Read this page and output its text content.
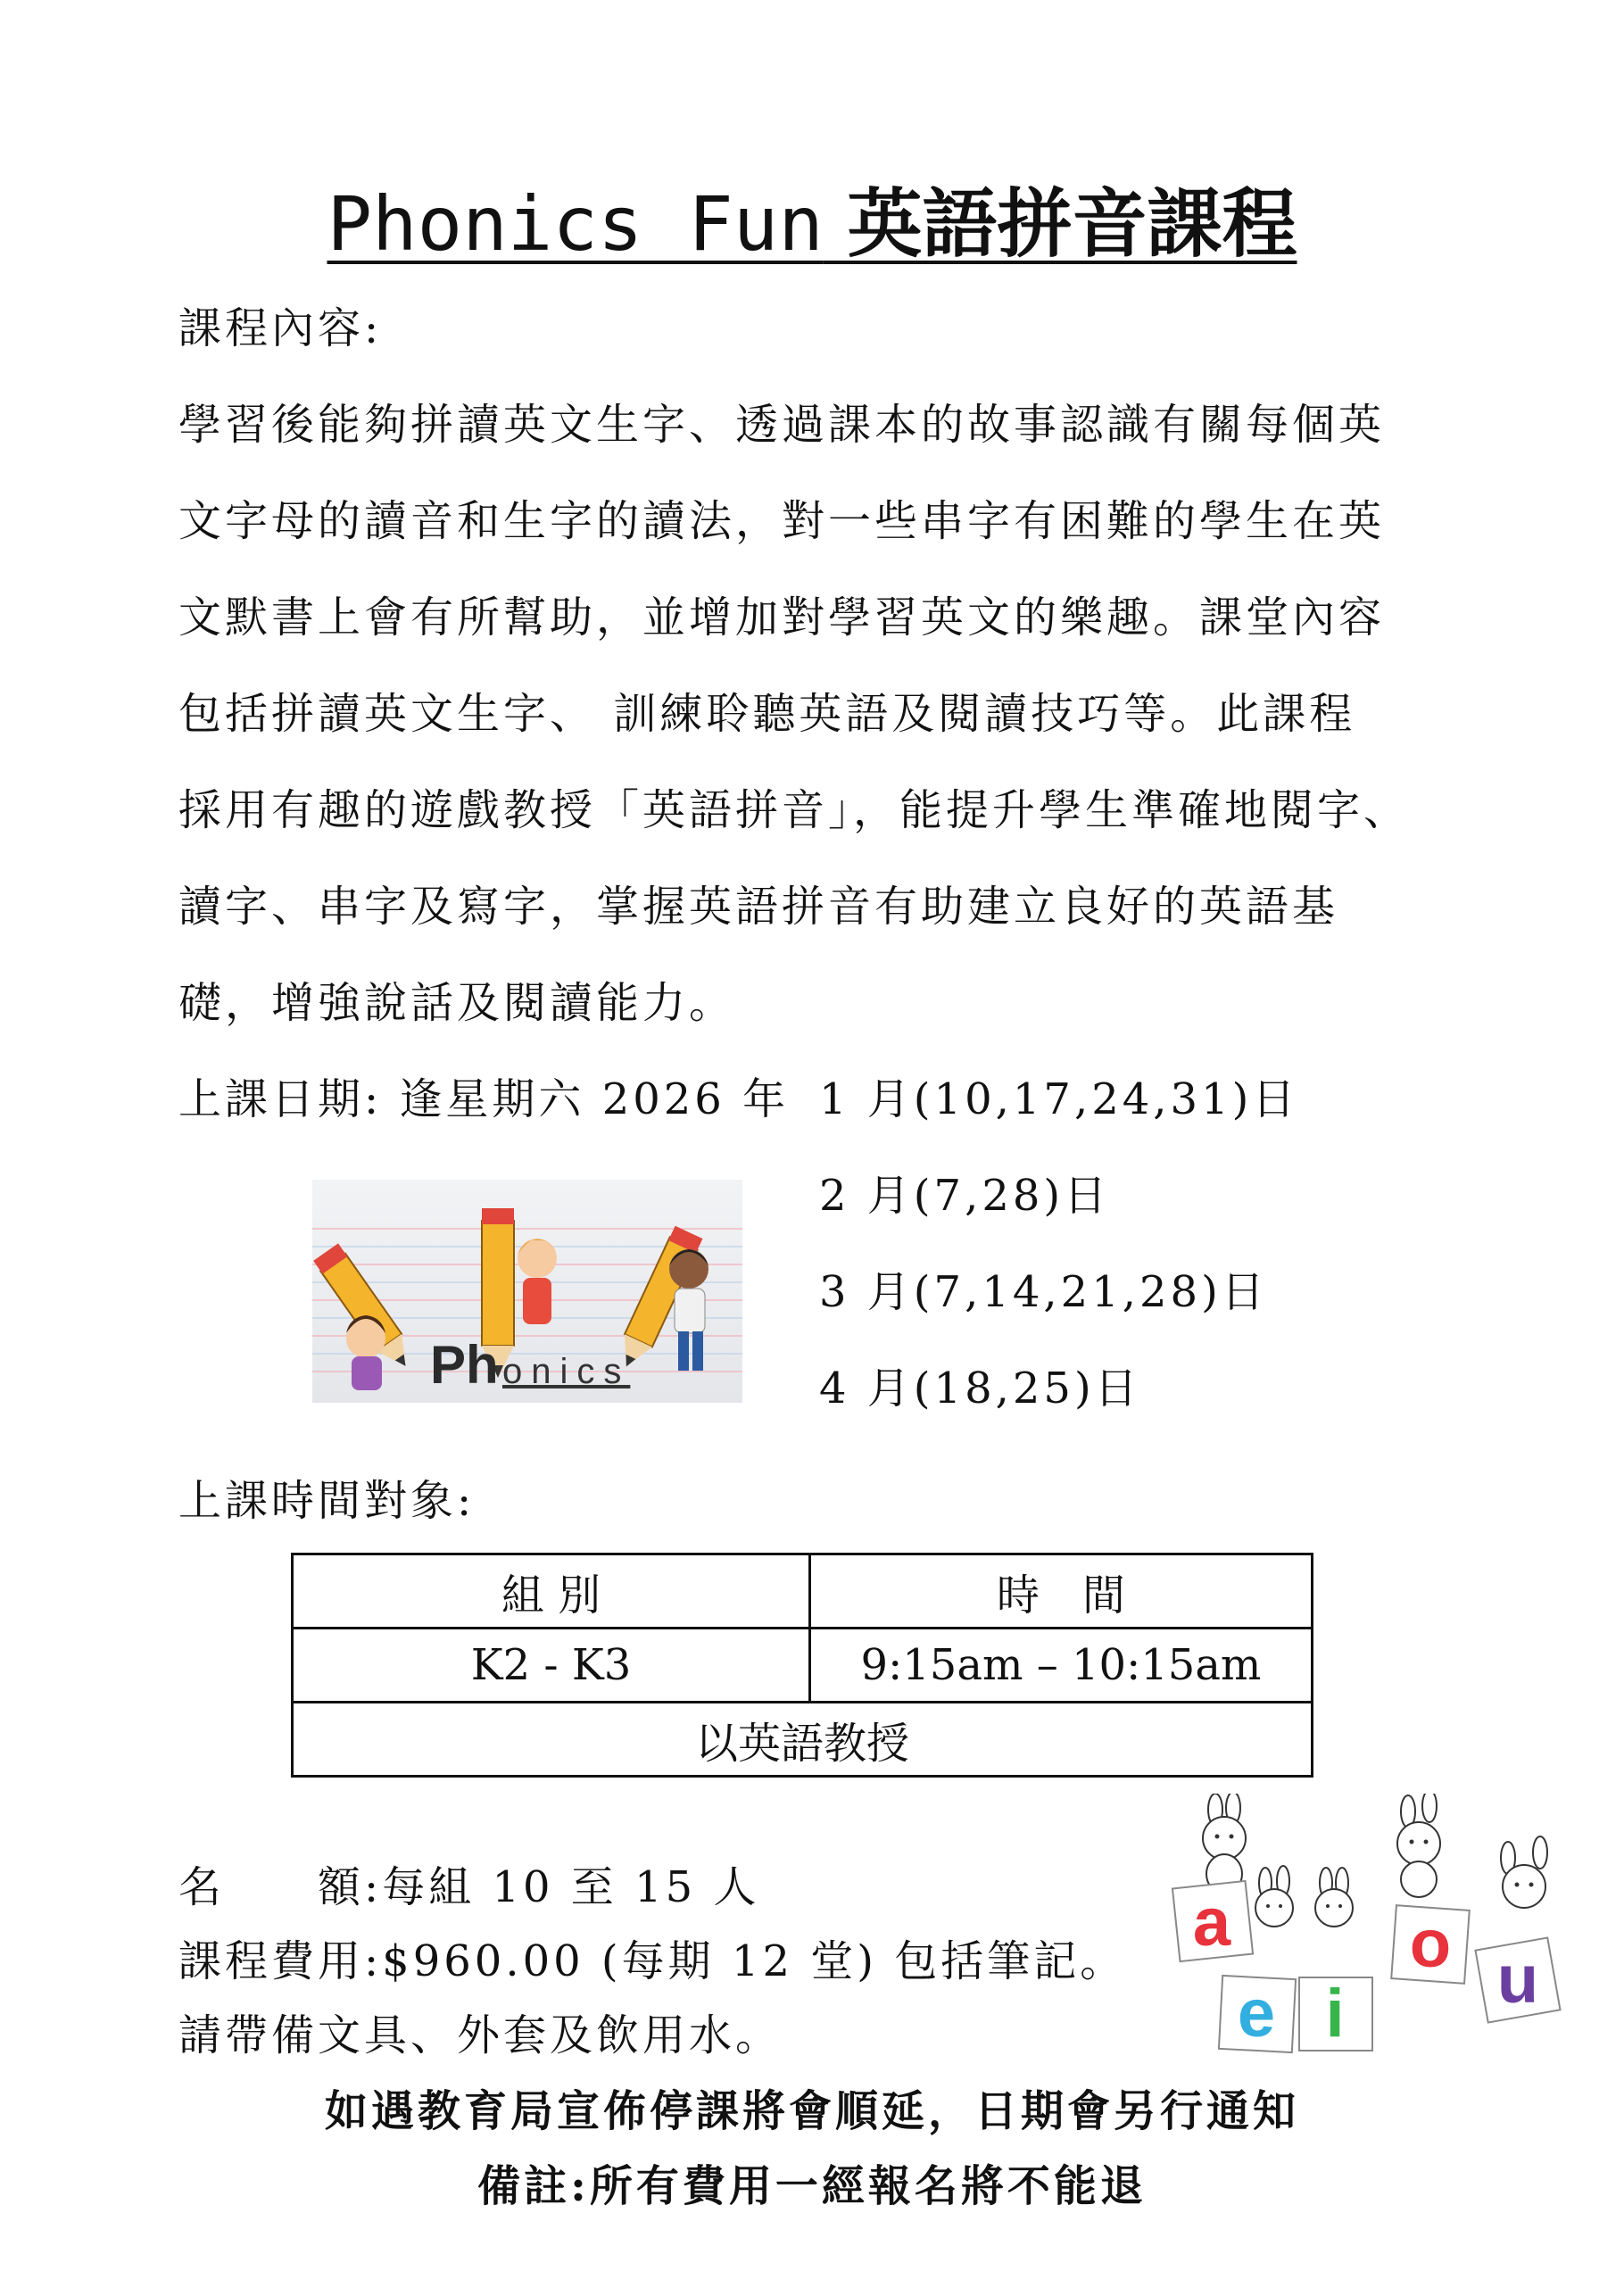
Phonics Fun 英語拼音課程
課程內容:
學習後能夠拼讀英文生字、透過課本的故事認識有關每個英
文字母的讀音和生字的讀法，對一些串字有困難的學生在英
文默書上會有所幫助，並增加對學習英文的樂趣。課堂內容
包括拼讀英文生字、 訓練聆聽英語及閱讀技巧等。此課程
採用有趣的遊戲教授「英語拼音」，能提升學生準確地閱字、
讀字、串字及寫字，掌握英語拼音有助建立良好的英語基
礎，增強說話及閱讀能力。
上課日期: 逢星期六 2026 年 1 月(10,17,24,31)日
2 月(7,28)日
3 月(7,14,21,28)日
4 月(18,25)日
Ph onics
上課時間對象:
組 別	時　間
K2 - K3	9:15am – 10:15am
以英語教授	
名　　額:每組 10 至 15 人
課程費用:$960.00 (每期 12 堂) 包括筆記。
請帶備文具、外套及飲用水。
a
e i
o u
如遇教育局宣佈停課將會順延，日期會另行通知
備註:所有費用一經報名將不能退
